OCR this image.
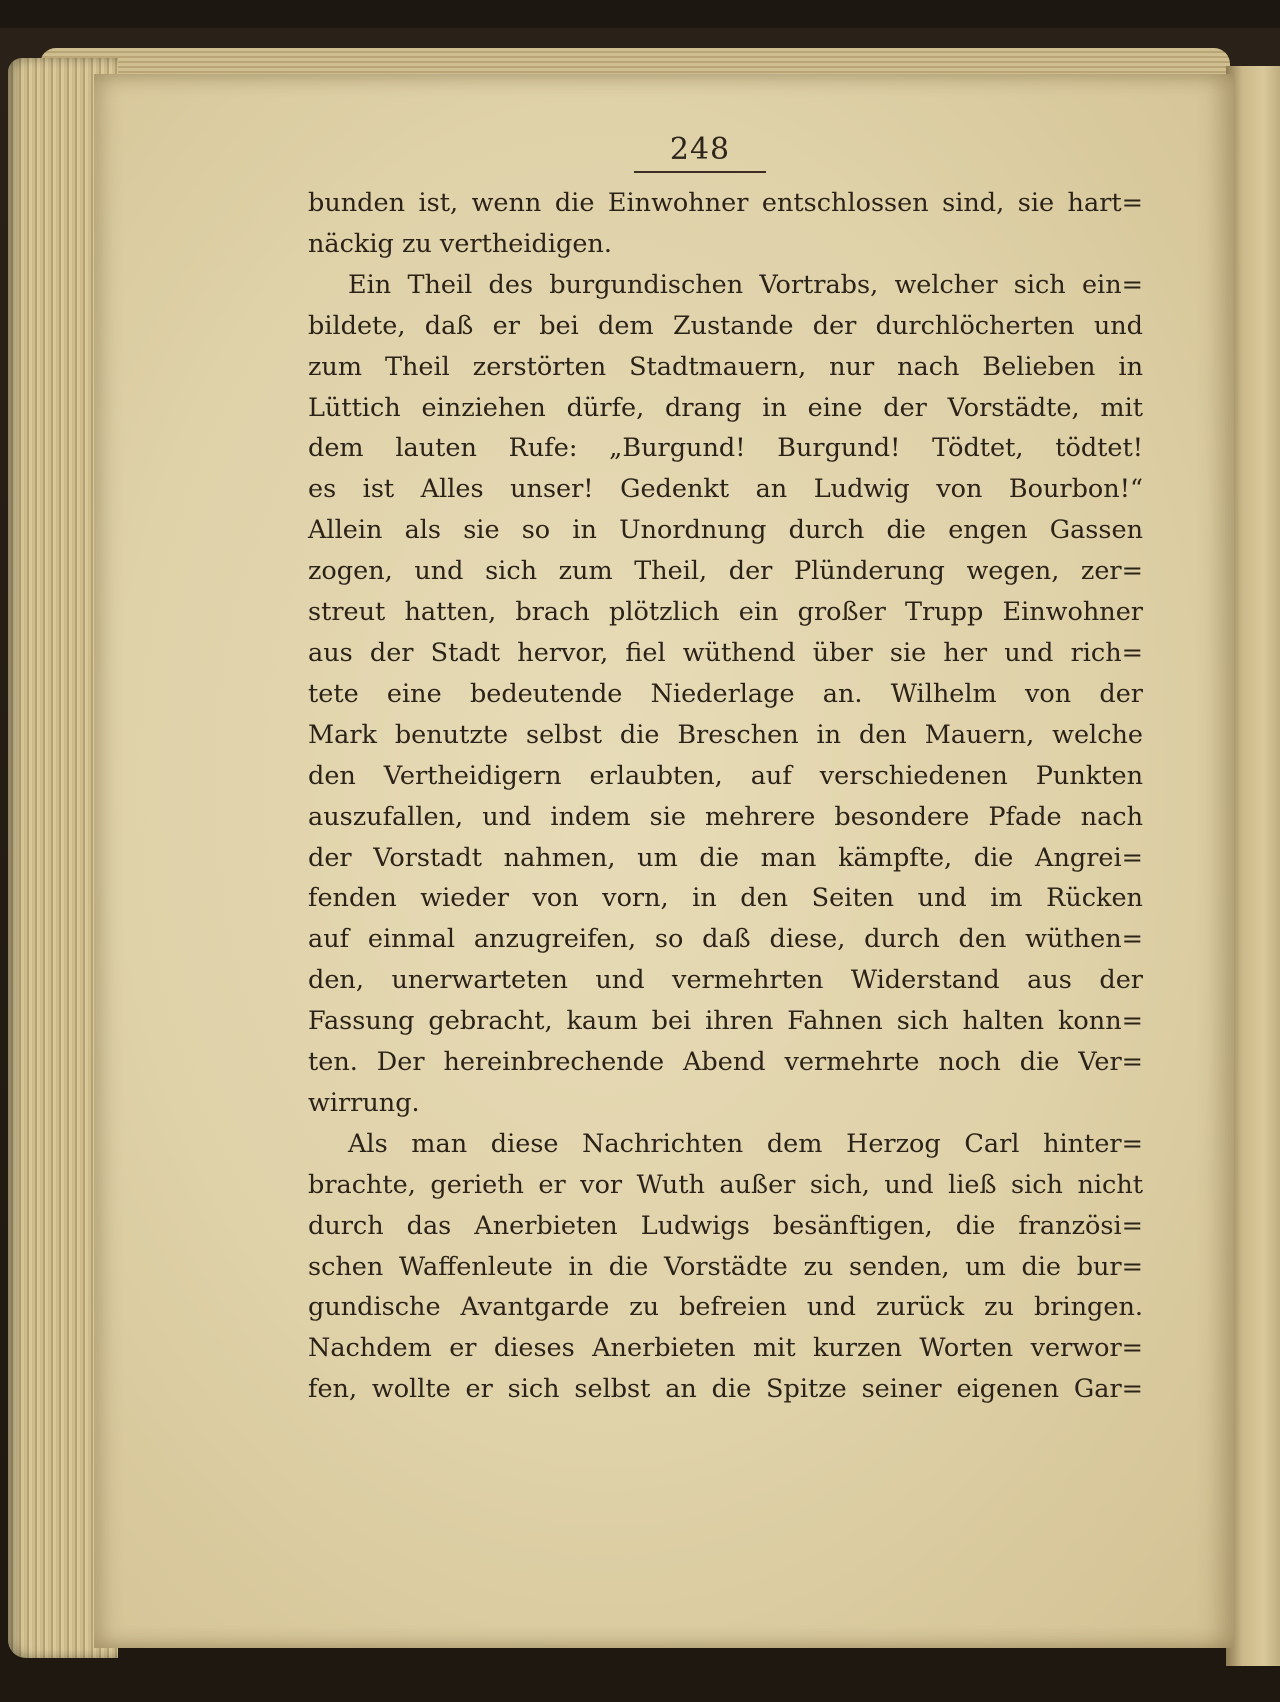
248

bunden ist, wenn die Einwohner entschlossen sind, sie hart=

näckig zu vertheidigen.

Ein Theil des burgundischen Vortrabs, welcher sich ein=

bildete, daß er bei dem Zustande der durchlöcherten und

zum Theil zerstörten Stadtmauern, nur nach Belieben in

Lüttich einziehen dürfe, drang in eine der Vorstädte, mit

dem lauten Rufe: „Burgund! Burgund! Tödtet, tödtet!

es ist Alles unser! Gedenkt an Ludwig von Bourbon!“

Allein als sie so in Unordnung durch die engen Gassen

zogen, und sich zum Theil, der Plünderung wegen, zer=

streut hatten, brach plötzlich ein großer Trupp Einwohner

aus der Stadt hervor, fiel wüthend über sie her und rich=

tete eine bedeutende Niederlage an. Wilhelm von der

Mark benutzte selbst die Breschen in den Mauern, welche

den Vertheidigern erlaubten, auf verschiedenen Punkten

auszufallen, und indem sie mehrere besondere Pfade nach

der Vorstadt nahmen, um die man kämpfte, die Angrei=

fenden wieder von vorn, in den Seiten und im Rücken

auf einmal anzugreifen, so daß diese, durch den wüthen=

den, unerwarteten und vermehrten Widerstand aus der

Fassung gebracht, kaum bei ihren Fahnen sich halten konn=

ten. Der hereinbrechende Abend vermehrte noch die Ver=

wirrung.

Als man diese Nachrichten dem Herzog Carl hinter=

brachte, gerieth er vor Wuth außer sich, und ließ sich nicht

durch das Anerbieten Ludwigs besänftigen, die französi=

schen Waffenleute in die Vorstädte zu senden, um die bur=

gundische Avantgarde zu befreien und zurück zu bringen.

Nachdem er dieses Anerbieten mit kurzen Worten verwor=

fen, wollte er sich selbst an die Spitze seiner eigenen Gar=
